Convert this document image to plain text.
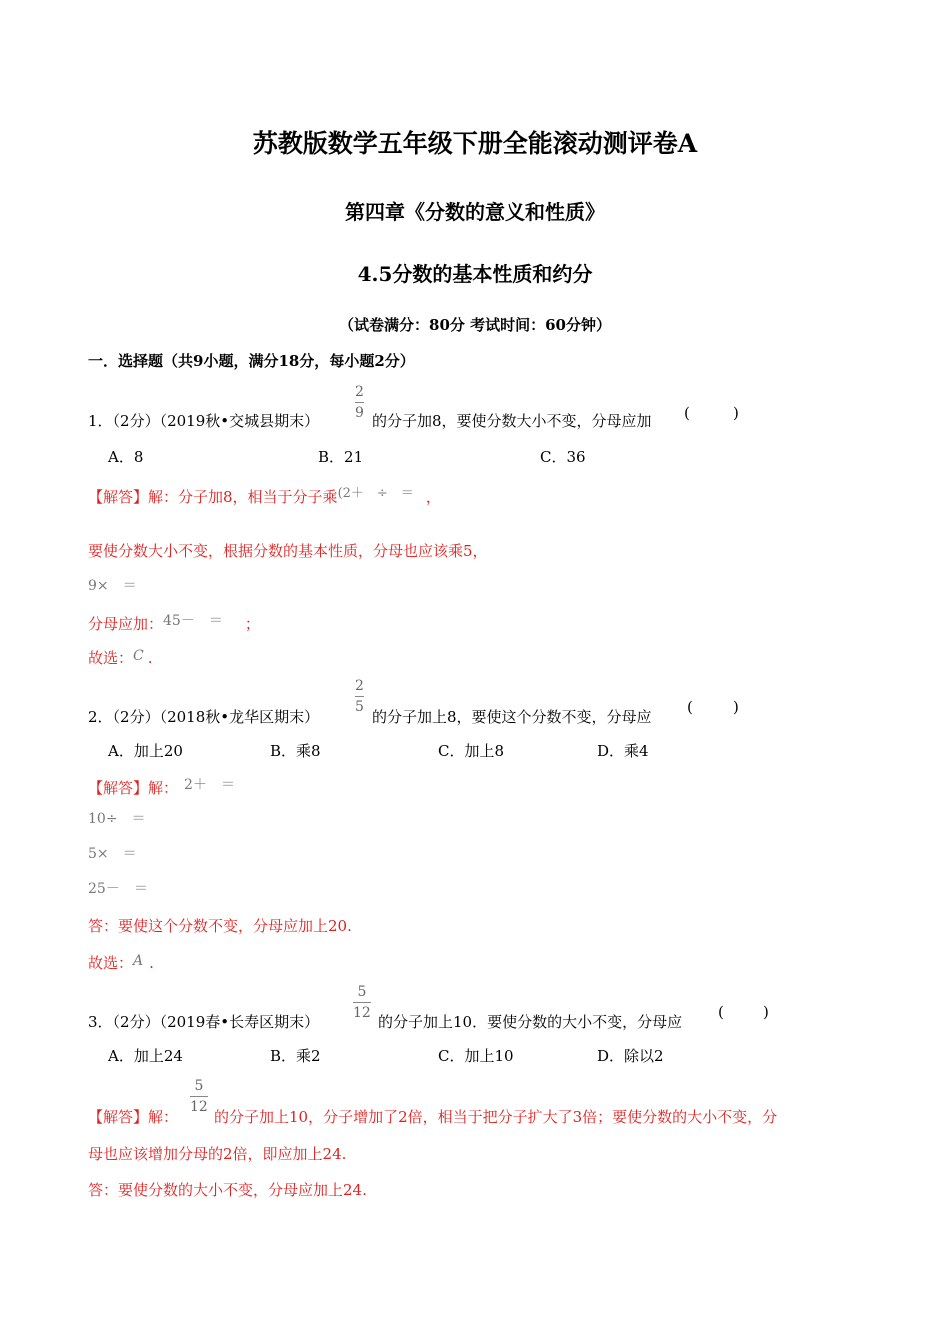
苏教版数学五年级下册全能滚动测评卷A
第四章《分数的意义和性质》
4.5分数的基本性质和约分
（试卷满分：80分 考试时间：60分钟）
一．选择题（共9小题，满分18分，每小题2分）
1．（2分）（2019秋•交城县期末）
2
9 的分子加8，要使分数大小不变，分母应加 (	)
A．8	B．21	C．36
【解答】解：分子加8，相当于分子乘(2＋　÷　＝ ，
要使分数大小不变，根据分数的基本性质，分母也应该乘5，
9×　＝
分母应加：45－　＝ ；
故选：C .
2．（2分）（2018秋•龙华区期末）
2
5
的分子加上8，要使这个分数不变，分母应
(	)
A．加上20	B．乘8	C．加上8	D．乘4
【解答】解： 2＋　＝
10÷　＝
5×　＝
25－　＝
答：要使这个分数不变，分母应加上20.
故选：A .
3．（2分）（2019春•长寿区期末）
5
12 的分子加上10．要使分数的大小不变，分母应
(	)
A．加上24	B．乘2	C．加上10	D．除以2
【解答】解：
5
12
的分子加上10，分子增加了2倍，相当于把分子扩大了3倍；要使分数的大小不变，分
母也应该增加分母的2倍，即应加上24.
答：要使分数的大小不变，分母应加上24.
